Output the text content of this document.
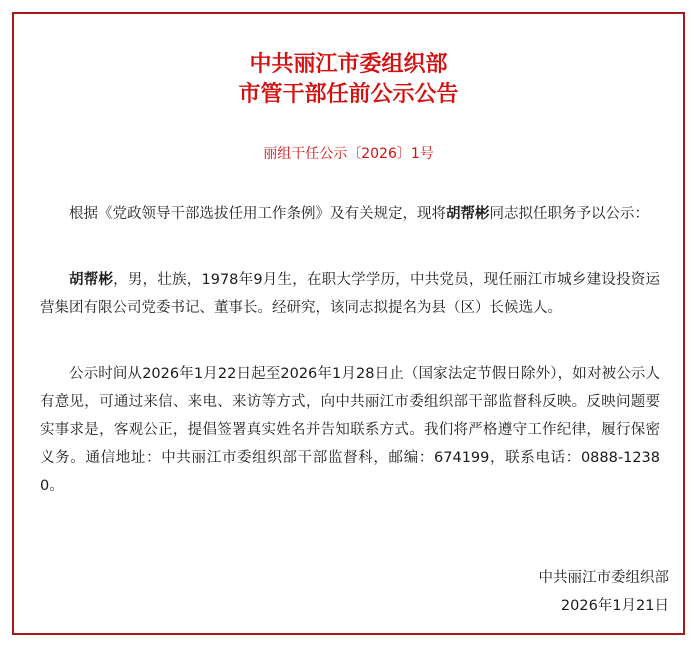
中共丽江市委组织部
市管干部任前公示公告

丽组干任公示〔2026〕1号

根据《党政领导干部选拔任用工作条例》及有关规定，现将胡帮彬同志拟任职务予以公示：

胡帮彬，男，壮族，1978年9月生，在职大学学历，中共党员，现任丽江市城乡建设投资运营集团有限公司党委书记、董事长。经研究，该同志拟提名为县（区）长候选人。

公示时间从2026年1月22日起至2026年1月28日止（国家法定节假日除外），如对被公示人有意见，可通过来信、来电、来访等方式，向中共丽江市委组织部干部监督科反映。反映问题要实事求是，客观公正，提倡签署真实姓名并告知联系方式。我们将严格遵守工作纪律，履行保密义务。通信地址：中共丽江市委组织部干部监督科，邮编：674199，联系电话：0888-12380。

中共丽江市委组织部

2026年1月21日
